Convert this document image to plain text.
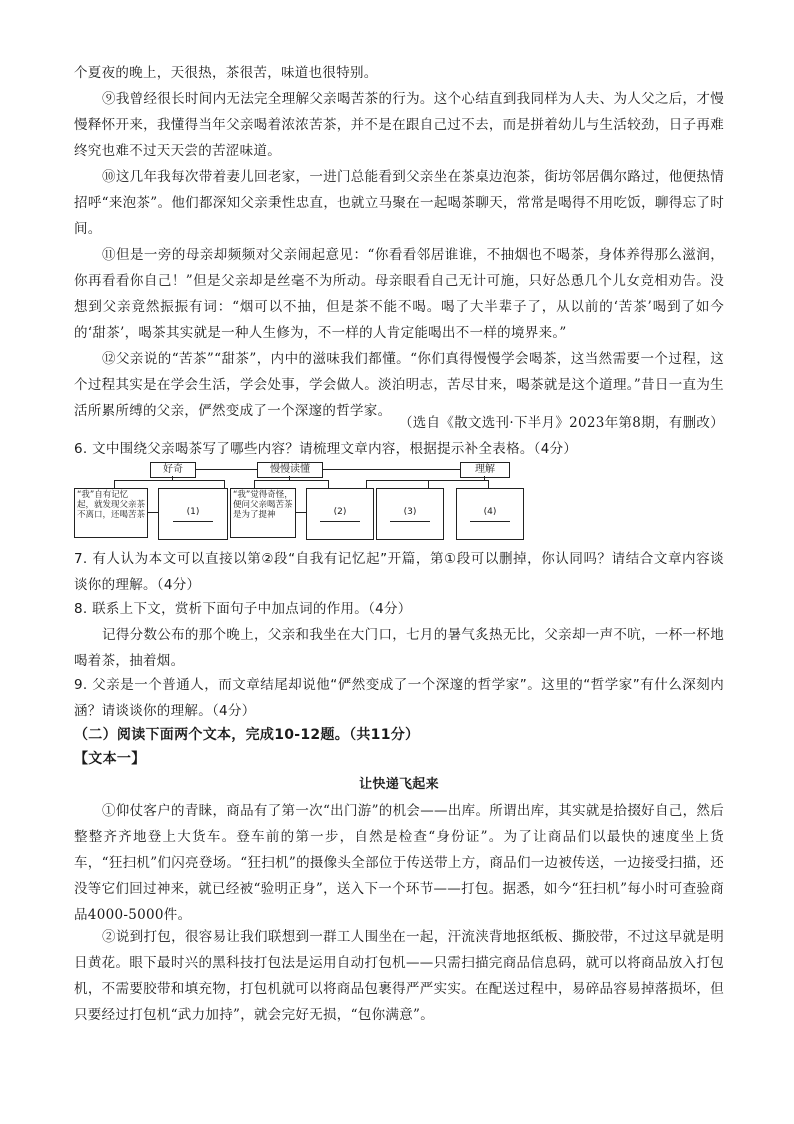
个夏夜的晚上，天很热，茶很苦，味道也很特别。
⑨我曾经很长时间内无法完全理解父亲喝苦茶的行为。这个心结直到我同样为人夫、为人父之后，才慢慢释怀开来，我懂得当年父亲喝着浓浓苦茶，并不是在跟自己过不去，而是拼着幼儿与生活较劲，日子再难终究也难不过天天尝的苦涩味道。
⑩这几年我每次带着妻儿回老家，一进门总能看到父亲坐在茶桌边泡茶，街坊邻居偶尔路过，他便热情招呼“来泡茶”。他们都深知父亲秉性忠直，也就立马聚在一起喝茶聊天，常常是喝得不用吃饭，聊得忘了时间。
⑪但是一旁的母亲却频频对父亲闹起意见：“你看看邻居谁谁，不抽烟也不喝茶，身体养得那么滋润，你再看看你自己！”但是父亲却是丝毫不为所动。母亲眼看自己无计可施，只好怂恿几个儿女竞相劝告。没想到父亲竟然振振有词：“烟可以不抽，但是茶不能不喝。喝了大半辈子了，从以前的‘苦茶’喝到了如今的‘甜茶’，喝茶其实就是一种人生修为，不一样的人肯定能喝出不一样的境界来。”
⑫父亲说的“苦茶”“甜茶”，内中的滋味我们都懂。“你们真得慢慢学会喝茶，这当然需要一个过程，这个过程其实是在学会生活，学会处事，学会做人。淡泊明志，苦尽甘来，喝茶就是这个道理。”昔日一直为生活所累所缚的父亲，俨然变成了一个深邃的哲学家。
（选自《散文选刊·下半月》2023年第8期，有删改）
6. 文中围绕父亲喝茶写了哪些内容？请梳理文章内容，根据提示补全表格。（4分）
好奇	慢慢读懂	理解
“我”自有记忆起，就发现父亲茶不离口，还喝苦茶	(1)
“我”觉得奇怪，便问父亲喝苦茶是为了提神	(2)	(3)	(4)
7. 有人认为本文可以直接以第②段“自我有记忆起”开篇，第①段可以删掉，你认同吗？请结合文章内容谈谈你的理解。（4分）
8. 联系上下文，赏析下面句子中加点词的作用。（4分）
记得分数公布的那个晚上，父亲和我坐在大门口，七月的暑气炙热无比，父亲却一声不吭，一杯一杯地喝着茶，抽着烟。
9. 父亲是一个普通人，而文章结尾却说他“俨然变成了一个深邃的哲学家”。这里的“哲学家”有什么深刻内涵？请谈谈你的理解。（4分）
（二）阅读下面两个文本，完成10-12题。（共11分）
【文本一】
让快递飞起来
①仰仗客户的青睐，商品有了第一次“出门游”的机会——出库。所谓出库，其实就是拾掇好自己，然后整整齐齐地登上大货车。登车前的第一步，自然是检查“身份证”。为了让商品们以最快的速度坐上货车，“狂扫机”们闪亮登场。“狂扫机”的摄像头全部位于传送带上方，商品们一边被传送，一边接受扫描，还没等它们回过神来，就已经被“验明正身”，送入下一个环节——打包。据悉，如今“狂扫机”每小时可查验商品4000-5000件。
②说到打包，很容易让我们联想到一群工人围坐在一起，汗流浃背地抠纸板、撕胶带，不过这早就是明日黄花。眼下最时兴的黑科技打包法是运用自动打包机——只需扫描完商品信息码，就可以将商品放入打包机，不需要胶带和填充物，打包机就可以将商品包裹得严严实实。在配送过程中，易碎品容易掉落损坏，但只要经过打包机“武力加持”，就会完好无损，“包你满意”。
